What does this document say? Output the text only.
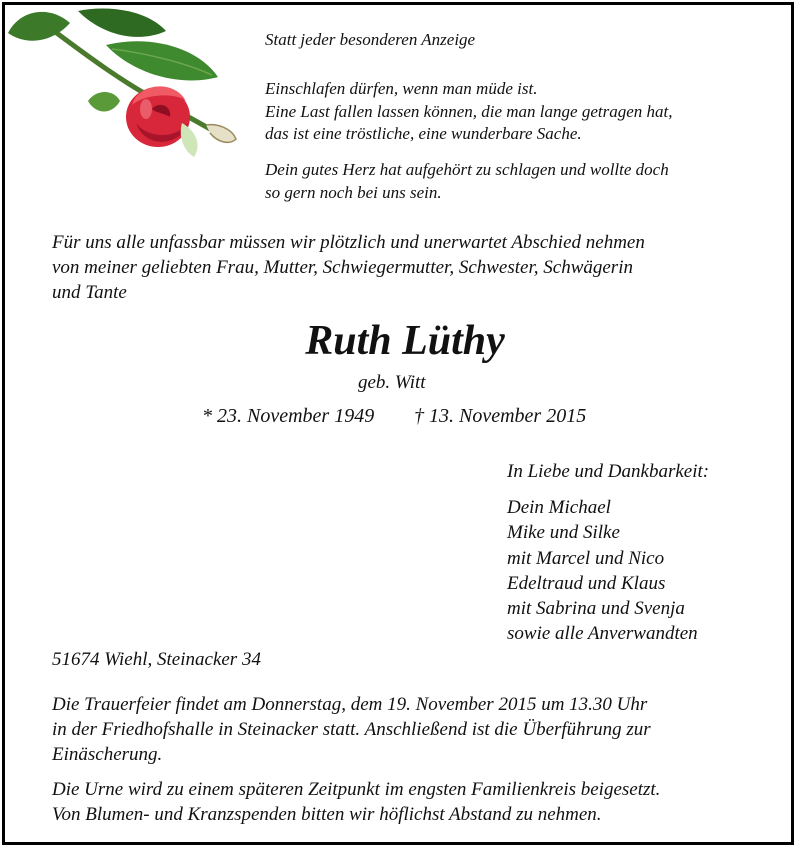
Statt jeder besonderen Anzeige
Einschlafen dürfen, wenn man müde ist.
Eine Last fallen lassen können, die man lange getragen hat,
das ist eine tröstliche, eine wunderbare Sache.
Dein gutes Herz hat aufgehört zu schlagen und wollte doch
so gern noch bei uns sein.
Für uns alle unfassbar müssen wir plötzlich und unerwartet Abschied nehmen
von meiner geliebten Frau, Mutter, Schwiegermutter, Schwester, Schwägerin
und Tante
Ruth Lüthy
geb. Witt
* 23. November 1949 † 13. November 2015
In Liebe und Dankbarkeit:
Dein Michael
Mike und Silke
mit Marcel und Nico
Edeltraud und Klaus
mit Sabrina und Svenja
sowie alle Anverwandten
51674 Wiehl, Steinacker 34
Die Trauerfeier findet am Donnerstag, dem 19. November 2015 um 13.30 Uhr
in der Friedhofshalle in Steinacker statt. Anschließend ist die Überführung zur
Einäscherung.
Die Urne wird zu einem späteren Zeitpunkt im engsten Familienkreis beigesetzt.
Von Blumen- und Kranzspenden bitten wir höflichst Abstand zu nehmen.
